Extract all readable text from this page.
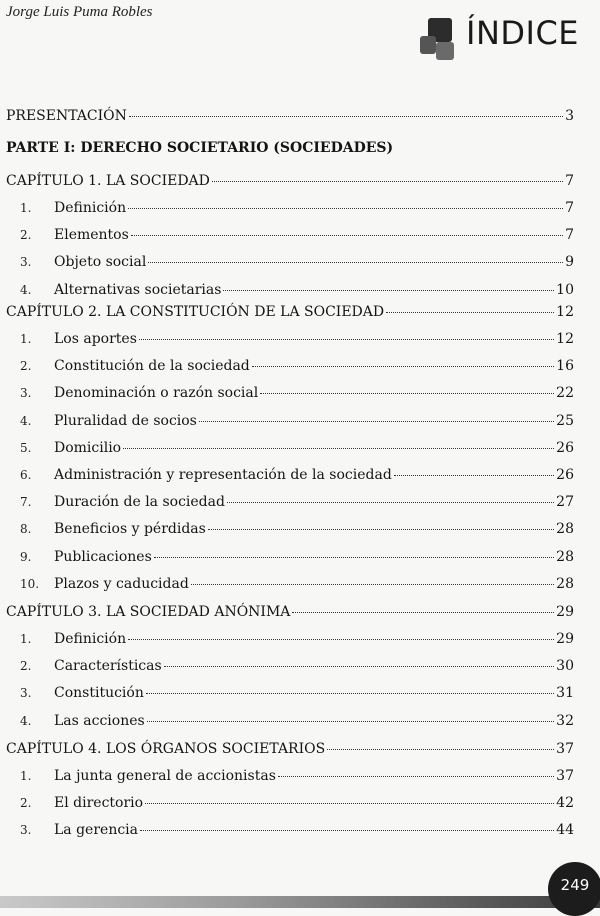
Jorge Luis Puma Robles
ÍNDICE
PRESENTACIÓN	3
PARTE I: DERECHO SOCIETARIO (SOCIEDADES)
CAPÍTULO 1. LA SOCIEDAD	7
1.	Definición	7
2.	Elementos	7
3.	Objeto social	9
4.	Alternativas societarias	10
CAPÍTULO 2. LA CONSTITUCIÓN DE LA SOCIEDAD	12
1.	Los aportes	12
2.	Constitución de la sociedad	16
3.	Denominación o razón social	22
4.	Pluralidad de socios	25
5.	Domicilio	26
6.	Administración y representación de la sociedad	26
7.	Duración de la sociedad	27
8.	Beneficios y pérdidas	28
9.	Publicaciones	28
10.	Plazos y caducidad	28
CAPÍTULO 3. LA SOCIEDAD ANÓNIMA	29
1.	Definición	29
2.	Características	30
3.	Constitución	31
4.	Las acciones	32
CAPÍTULO 4. LOS ÓRGANOS SOCIETARIOS	37
1.	La junta general de accionistas	37
2.	El directorio	42
3.	La gerencia	44
249
